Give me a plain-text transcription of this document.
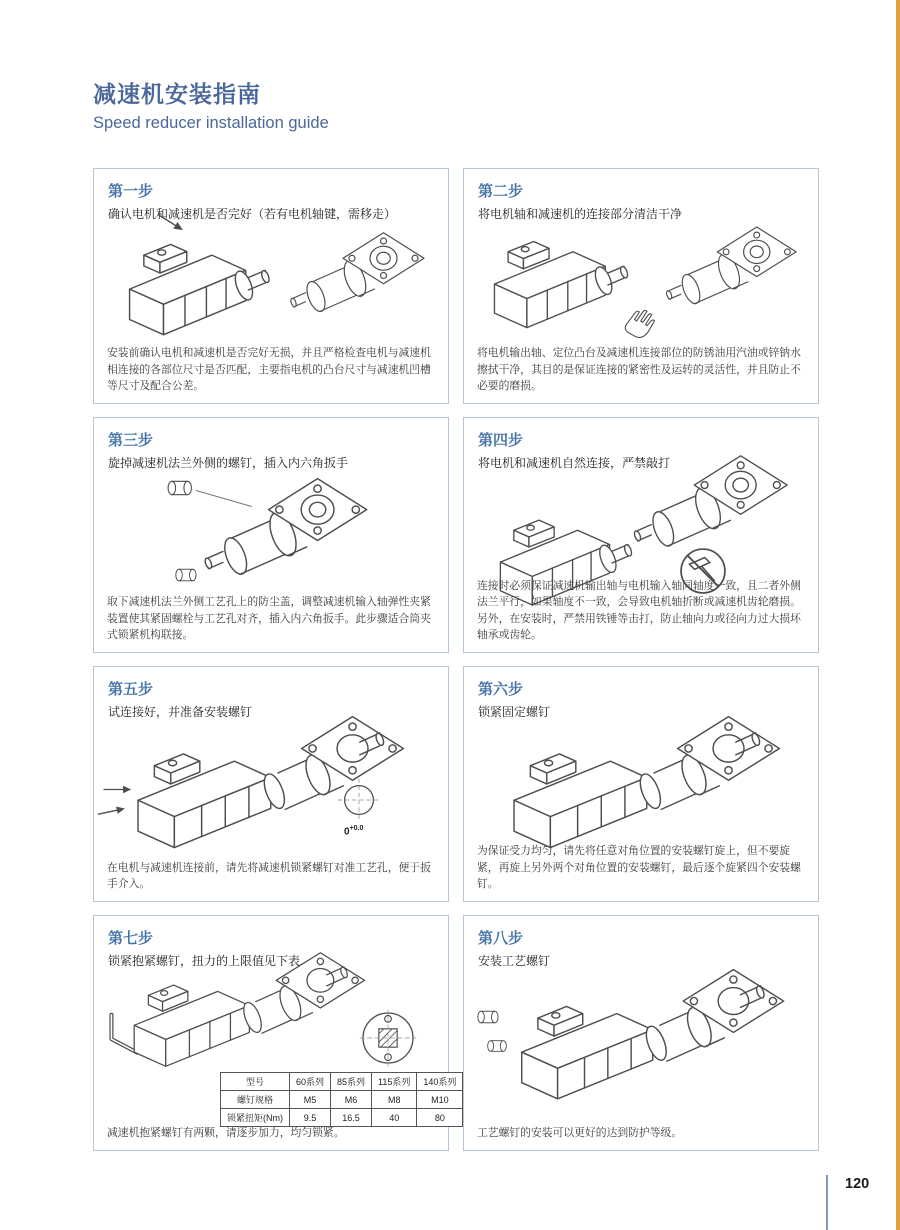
减速机安装指南
Speed reducer installation guide
第一步
确认电机和减速机是否完好（若有电机轴键，需移走）
安装前确认电机和减速机是否完好无损，并且严格检查电机与减速机相连接的各部位尺寸是否匹配，主要指电机的凸台尺寸与减速机凹槽等尺寸及配合公差。
第二步
将电机轴和减速机的连接部分清洁干净
将电机输出轴、定位凸台及减速机连接部位的防锈油用汽油或锌钠水擦拭干净，其目的是保证连接的紧密性及运转的灵活性，并且防止不必要的磨损。
第三步
旋掉减速机法兰外侧的螺钉，插入内六角扳手
取下减速机法兰外侧工艺孔上的防尘盖，调整减速机输入轴弹性夹紧装置使其紧固螺栓与工艺孔对齐，插入内六角扳手。此步骤适合筒夹式锁紧机构联接。
第四步
将电机和减速机自然连接，严禁敲打
连接时必须保证减速机输出轴与电机输入轴同轴度一致，且二者外侧法兰平行，如果轴度不一致，会导致电机轴折断或减速机齿轮磨损。另外，在安装时，严禁用铁锤等击打，防止轴向力或径向力过大损坏轴承或齿轮。
第五步
试连接好，并准备安装螺钉
$0^{+0.0}$
在电机与减速机连接前，请先将减速机锁紧螺钉对准工艺孔，便于扳手介入。
第六步
锁紧固定螺钉
为保证受力均匀，请先将任意对角位置的安装螺钉旋上，但不要旋紧，再旋上另外两个对角位置的安装螺钉，最后逐个旋紧四个安装螺钉。
第七步
锁紧抱紧螺钉，扭力的上限值见下表
型号	60系列	85系列	115系列	140系列
螺钉规格	M5	M6	M8	M10
锁紧扭矩(Nm)	9.5	16.5	40	80
减速机抱紧螺钉有两颗，请逐步加力，均匀锁紧。
第八步
安装工艺螺钉
工艺螺钉的安装可以更好的达到防护等级。
120
